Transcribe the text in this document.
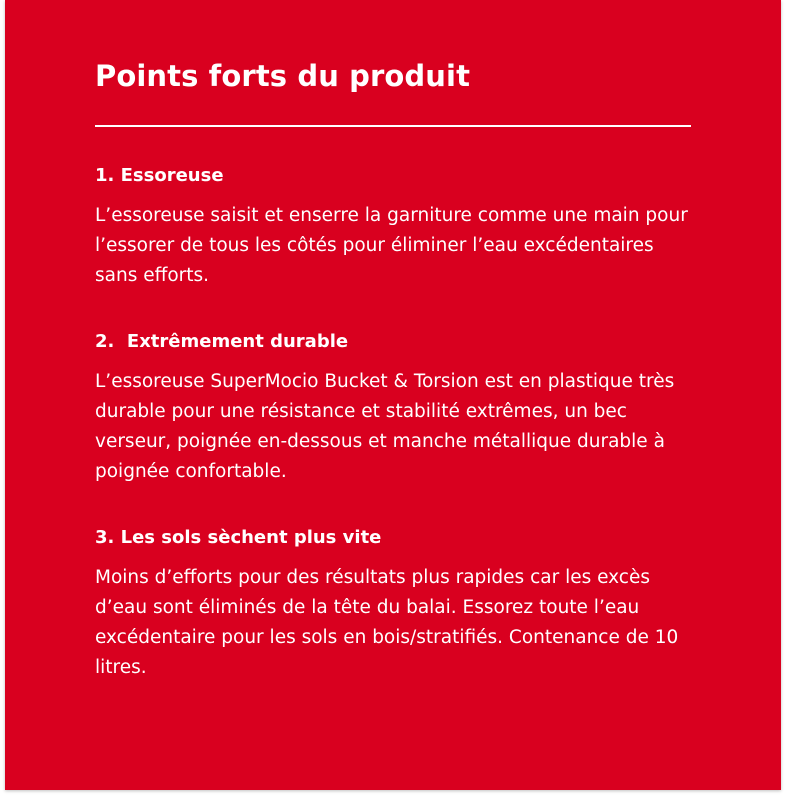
Points forts du produit
1. Essoreuse

L’essoreuse saisit et enserre la garniture comme une main pour l’essorer de tous les côtés pour éliminer l’eau excédentaires sans efforts.

2.  Extrêmement durable

L’essoreuse SuperMocio Bucket & Torsion est en plastique très durable pour une résistance et stabilité extrêmes, un bec verseur, poignée en-dessous et manche métallique durable à poignée confortable.

3. Les sols sèchent plus vite

Moins d’efforts pour des résultats plus rapides car les excès d’eau sont éliminés de la tête du balai. Essorez toute l’eau excédentaire pour les sols en bois/stratifiés. Contenance de 10 litres.
